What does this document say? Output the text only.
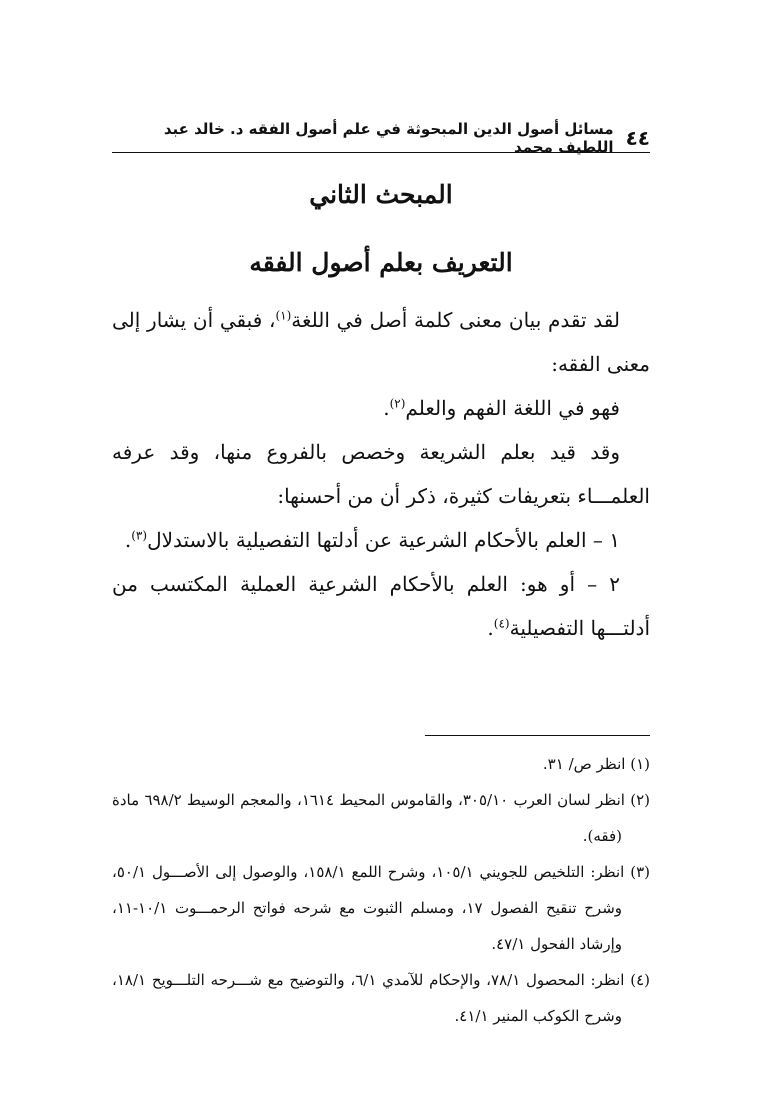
٤٤
مسائل أصول الدين المبحوثة في علم أصول الفقه د. خالد عبد اللطيف محمد
المبحث الثاني
التعريف بعلم أصول الفقه

لقد تقدم بيان معنى كلمة أصل في اللغة$^{(١)}$، فبقي أن يشار إلى معنى الفقه:

فهو في اللغة الفهم والعلم$^{(٢)}$.

وقد قيد بعلم الشريعة وخصص بالفروع منها، وقد عرفه العلمـــاء بتعريفات كثيرة، ذكر أن من أحسنها:

١ – العلم بالأحكام الشرعية عن أدلتها التفصيلية بالاستدلال$^{(٣)}$.

٢ – أو هو: العلم بالأحكام الشرعية العملية المكتسب من أدلتـــها التفصيلية$^{(٤)}$.

(١) انظر ص/ ٣١.

(٢) انظر لسان العرب ٣٠٥/١٠، والقاموس المحيط ١٦١٤، والمعجم الوسيط ٦٩٨/٢ مادة (فقه).

(٣) انظر: التلخيص للجويني ١٠٥/١، وشرح اللمع ١٥٨/١، والوصول إلى الأصـــول ٥٠/١، وشرح تنقيح الفصول ١٧، ومسلم الثبوت مع شرحه فواتح الرحمـــوت ١٠/١-١١، وإرشاد الفحول ٤٧/١.

(٤) انظر: المحصول ٧٨/١، والإحكام للآمدي ٦/١، والتوضيح مع شـــرحه التلـــويح ١٨/١، وشرح الكوكب المنير ٤١/١.
